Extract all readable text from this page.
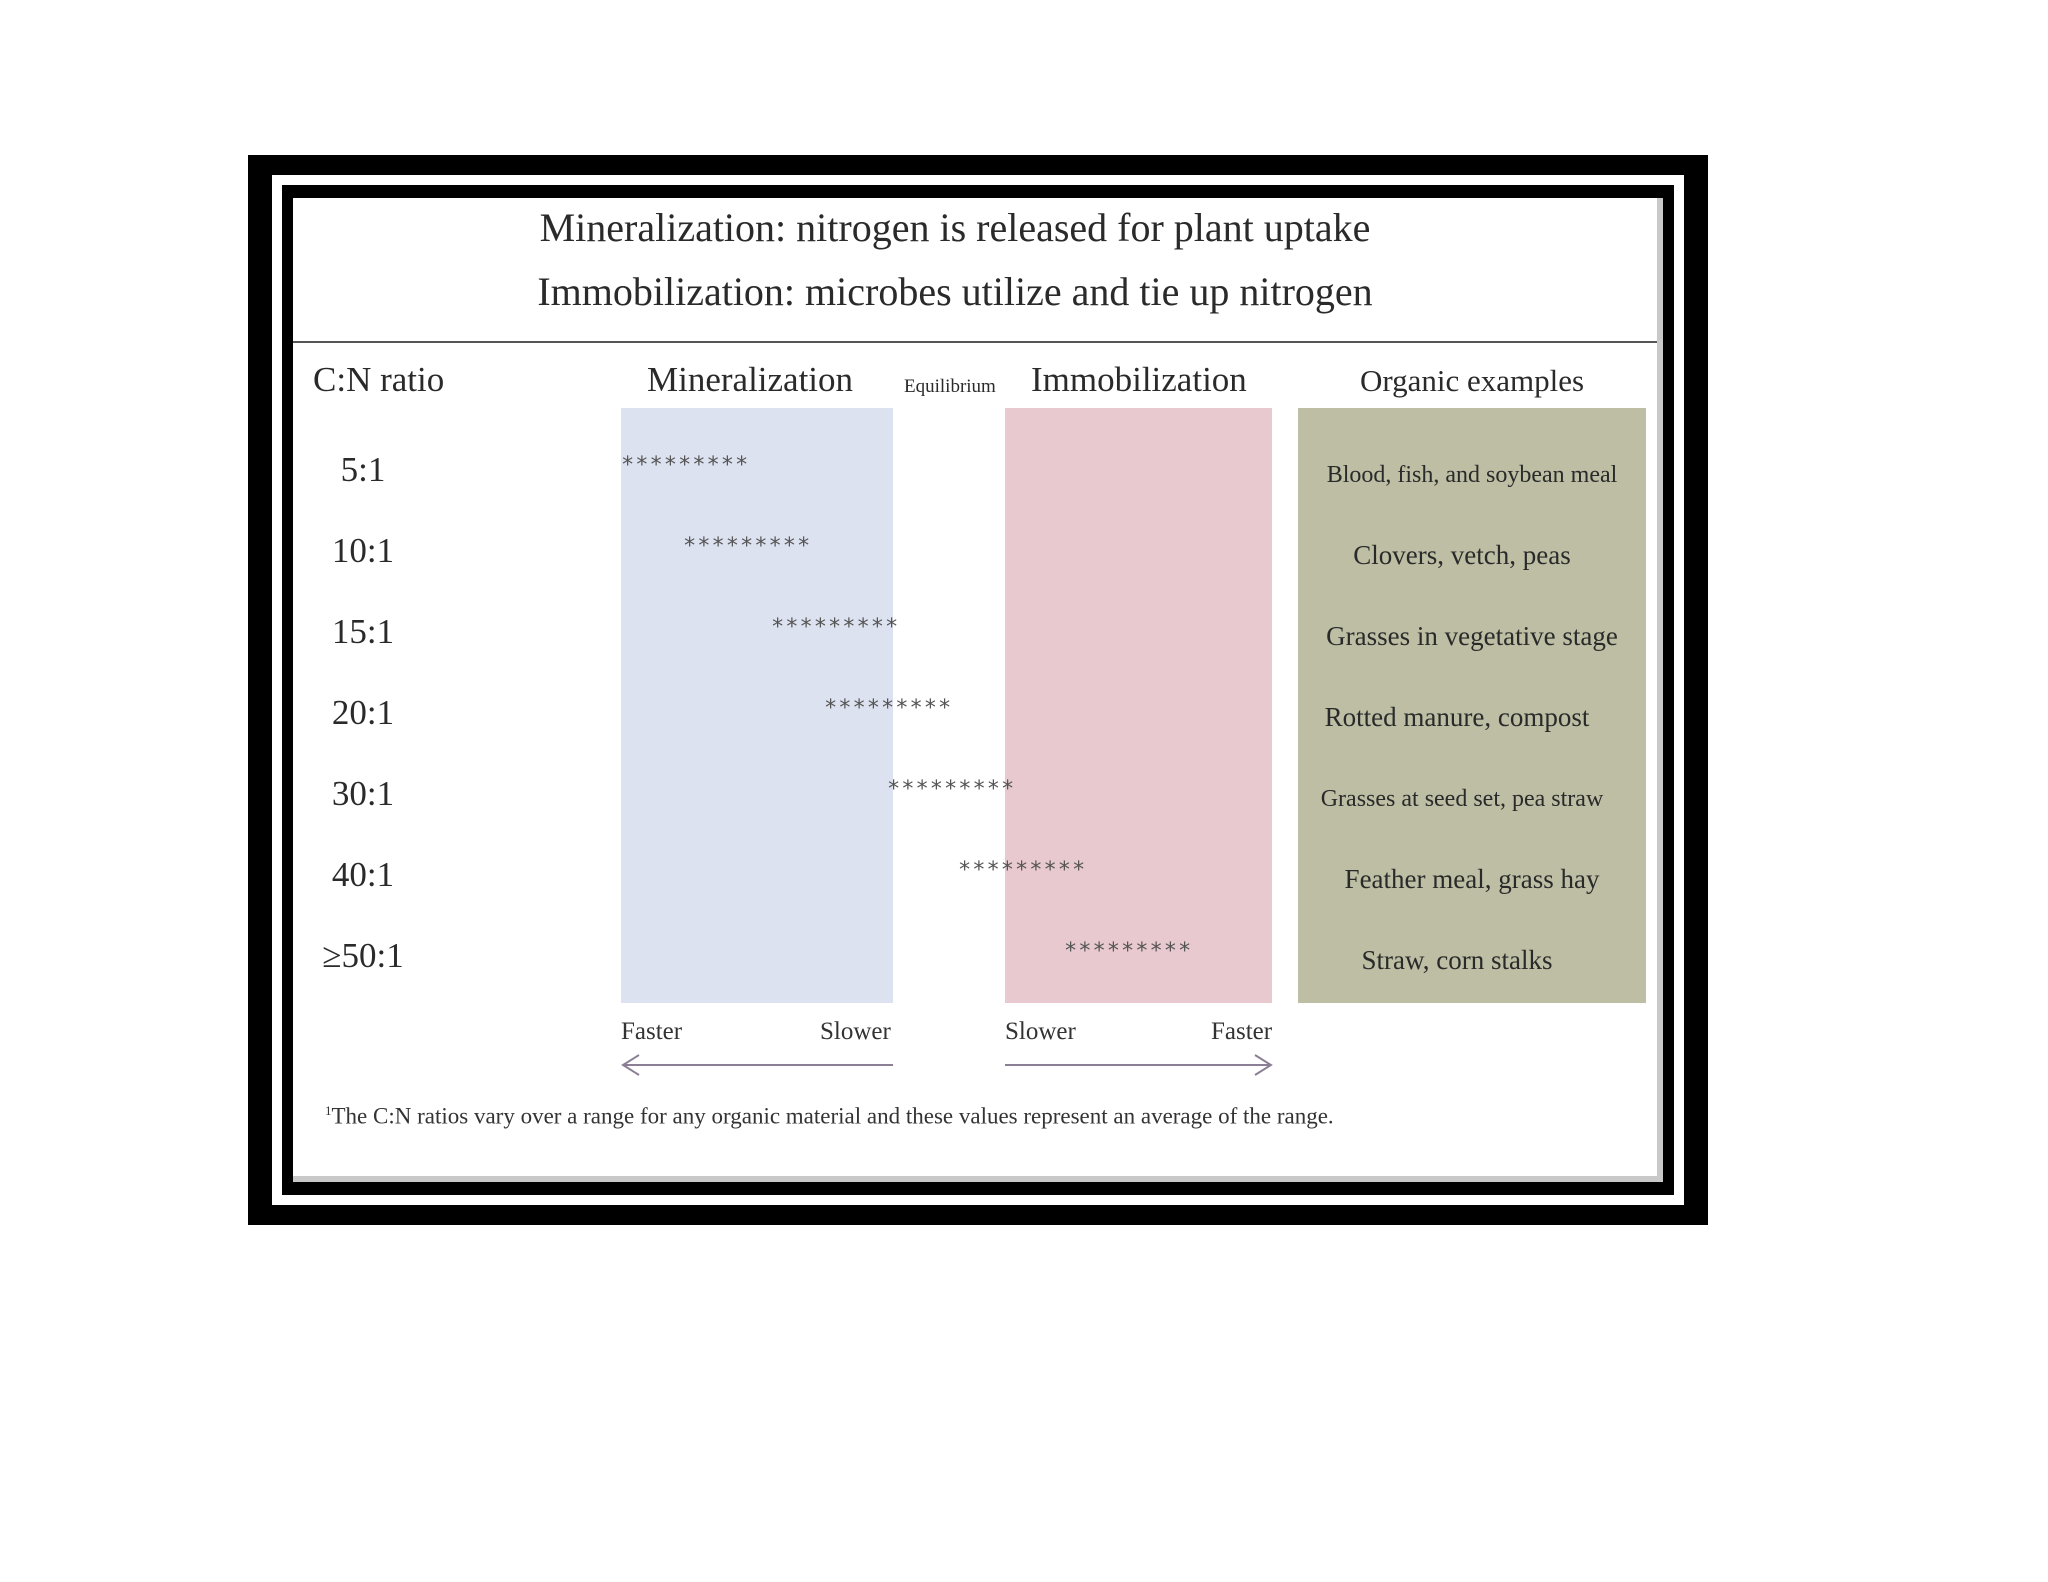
Mineralization: nitrogen is released for plant uptake
Immobilization: microbes utilize and tie up nitrogen
C:N ratio	Mineralization	Equilibrium Immobilization	Organic examples
5:1	*********	Blood, fish, and soybean meal
10:1	*********	Clovers, vetch, peas
15:1	*********	Grasses in vegetative stage
20:1	*********	Rotted manure, compost
30:1	*********	Grasses at seed set, pea straw
40:1	*********	Feather meal, grass hay
≥50:1	*********	Straw, corn stalks
Faster	Slower	Slower	Faster
$^1$The C:N ratios vary over a range for any organic material and these values represent an average of the range.
